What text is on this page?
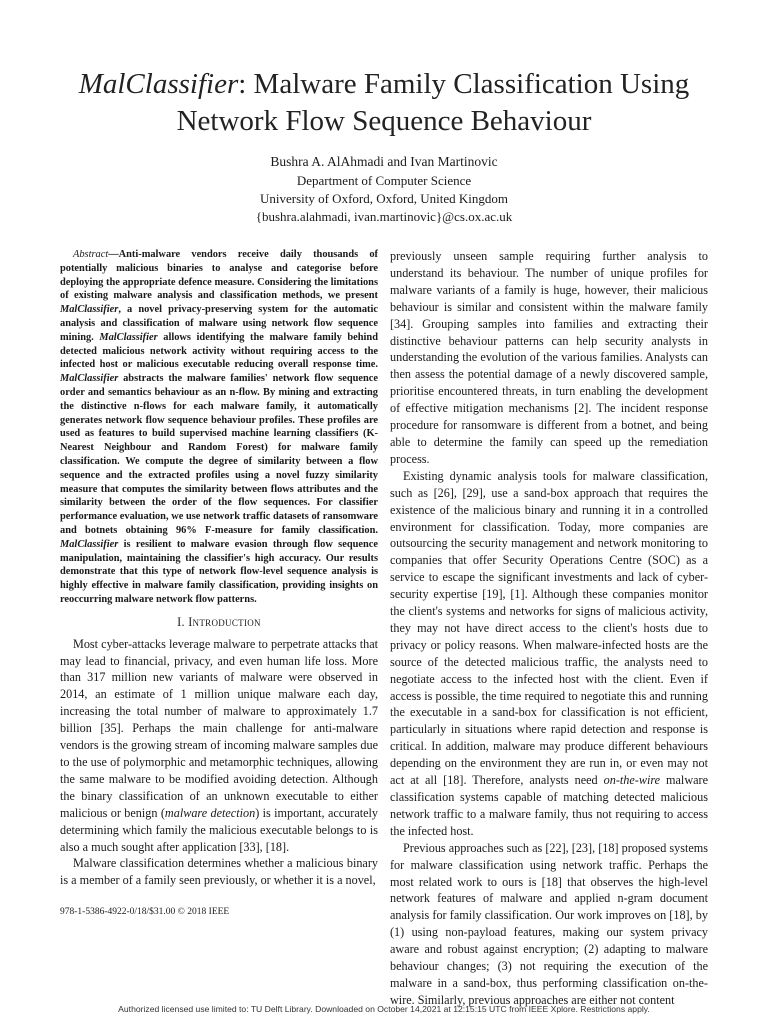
MalClassifier: Malware Family Classification Using Network Flow Sequence Behaviour
Bushra A. AlAhmadi and Ivan Martinovic
Department of Computer Science
University of Oxford, Oxford, United Kingdom
{bushra.alahmadi, ivan.martinovic}@cs.ox.ac.uk

Abstract—Anti-malware vendors receive daily thousands of potentially malicious binaries to analyse and categorise before deploying the appropriate defence measure. Considering the limitations of existing malware analysis and classification methods, we present MalClassifier, a novel privacy-preserving system for the automatic analysis and classification of malware using network flow sequence mining. MalClassifier allows identifying the malware family behind detected malicious network activity without requiring access to the infected host or malicious executable reducing overall response time. MalClassifier abstracts the malware families' network flow sequence order and semantics behaviour as an n-flow. By mining and extracting the distinctive n-flows for each malware family, it automatically generates network flow sequence behaviour profiles. These profiles are used as features to build supervised machine learning classifiers (K-Nearest Neighbour and Random Forest) for malware family classification. We compute the degree of similarity between a flow sequence and the extracted profiles using a novel fuzzy similarity measure that computes the similarity between flows attributes and the similarity between the order of the flow sequences. For classifier performance evaluation, we use network traffic datasets of ransomware and botnets obtaining 96% F-measure for family classification. MalClassifier is resilient to malware evasion through flow sequence manipulation, maintaining the classifier's high accuracy. Our results demonstrate that this type of network flow-level sequence analysis is highly effective in malware family classification, providing insights on reoccurring malware network flow patterns.

I. Introduction

Most cyber-attacks leverage malware to perpetrate attacks that may lead to financial, privacy, and even human life loss. More than 317 million new variants of malware were observed in 2014, an estimate of 1 million unique malware each day, increasing the total number of malware to approximately 1.7 billion [35]. Perhaps the main challenge for anti-malware vendors is the growing stream of incoming malware samples due to the use of polymorphic and metamorphic techniques, allowing the same malware to be modified avoiding detection. Although the binary classification of an unknown executable to either malicious or benign (malware detection) is important, accurately determining which family the malicious executable belongs to is also a much sought after application [33], [18].

Malware classification determines whether a malicious binary is a member of a family seen previously, or whether it is a novel,

previously unseen sample requiring further analysis to understand its behaviour. The number of unique profiles for malware variants of a family is huge, however, their malicious behaviour is similar and consistent within the malware family [34]. Grouping samples into families and extracting their distinctive behaviour patterns can help security analysts in understanding the evolution of the various families. Analysts can then assess the potential damage of a newly discovered sample, prioritise encountered threats, in turn enabling the development of effective mitigation mechanisms [2]. The incident response procedure for ransomware is different from a botnet, and being able to determine the family can speed up the remediation process.

Existing dynamic analysis tools for malware classification, such as [26], [29], use a sand-box approach that requires the existence of the malicious binary and running it in a controlled environment for classification. Today, more companies are outsourcing the security management and network monitoring to companies that offer Security Operations Centre (SOC) as a service to escape the significant investments and lack of cyber-security expertise [19], [1]. Although these companies monitor the client's systems and networks for signs of malicious activity, they may not have direct access to the client's hosts due to privacy or policy reasons. When malware-infected hosts are the source of the detected malicious traffic, the analysts need to negotiate access to the infected host with the client. Even if access is possible, the time required to negotiate this and running the executable in a sand-box for classification is not efficient, particularly in situations where rapid detection and response is critical. In addition, malware may produce different behaviours depending on the environment they are run in, or even may not act at all [18]. Therefore, analysts need on-the-wire malware classification systems capable of matching detected malicious network traffic to a malware family, thus not requiring to access the infected host.

Previous approaches such as [22], [23], [18] proposed systems for malware classification using network traffic. Perhaps the most related work to ours is [18] that observes the high-level network features of malware and applied n-gram document analysis for family classification. Our work improves on [18], by (1) using non-payload features, making our system privacy aware and robust against encryption; (2) adapting to malware behaviour changes; (3) not requiring the execution of the malware in a sand-box, thus performing classification on-the-wire. Similarly, previous approaches are either not content

978-1-5386-4922-0/18/$31.00 © 2018 IEEE
Authorized licensed use limited to: TU Delft Library. Downloaded on October 14,2021 at 12:15:15 UTC from IEEE Xplore. Restrictions apply.
